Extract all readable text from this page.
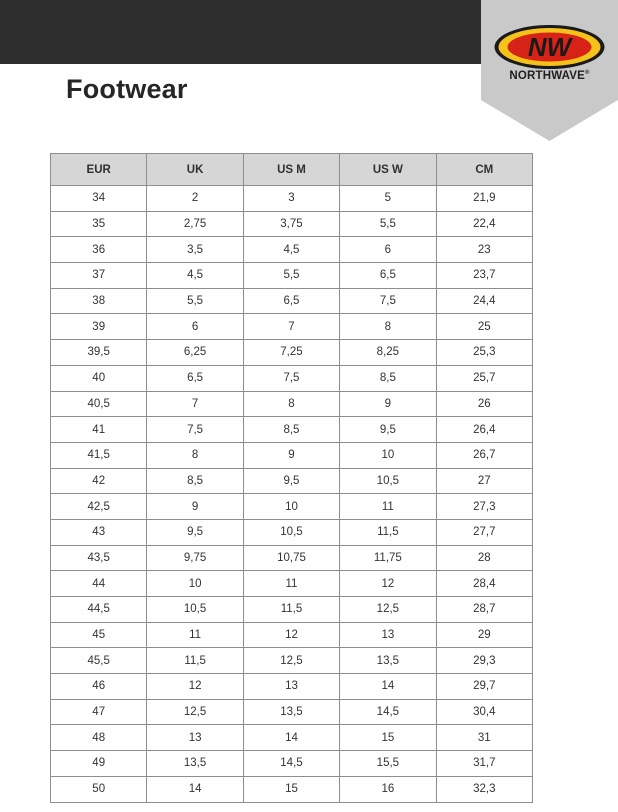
| Size Chart
Footwear
NW
NORTHWAVE®
EUR	UK	US M	US W	CM
34	2	3	5	21,9
35	2,75	3,75	5,5	22,4
36	3,5	4,5	6	23
37	4,5	5,5	6,5	23,7
38	5,5	6,5	7,5	24,4
39	6	7	8	25
39,5	6,25	7,25	8,25	25,3
40	6,5	7,5	8,5	25,7
40,5	7	8	9	26
41	7,5	8,5	9,5	26,4
41,5	8	9	10	26,7
42	8,5	9,5	10,5	27
42,5	9	10	11	27,3
43	9,5	10,5	11,5	27,7
43,5	9,75	10,75	11,75	28
44	10	11	12	28,4
44,5	10,5	11,5	12,5	28,7
45	11	12	13	29
45,5	11,5	12,5	13,5	29,3
46	12	13	14	29,7
47	12,5	13,5	14,5	30,4
48	13	14	15	31
49	13,5	14,5	15,5	31,7
50	14	15	16	32,3
